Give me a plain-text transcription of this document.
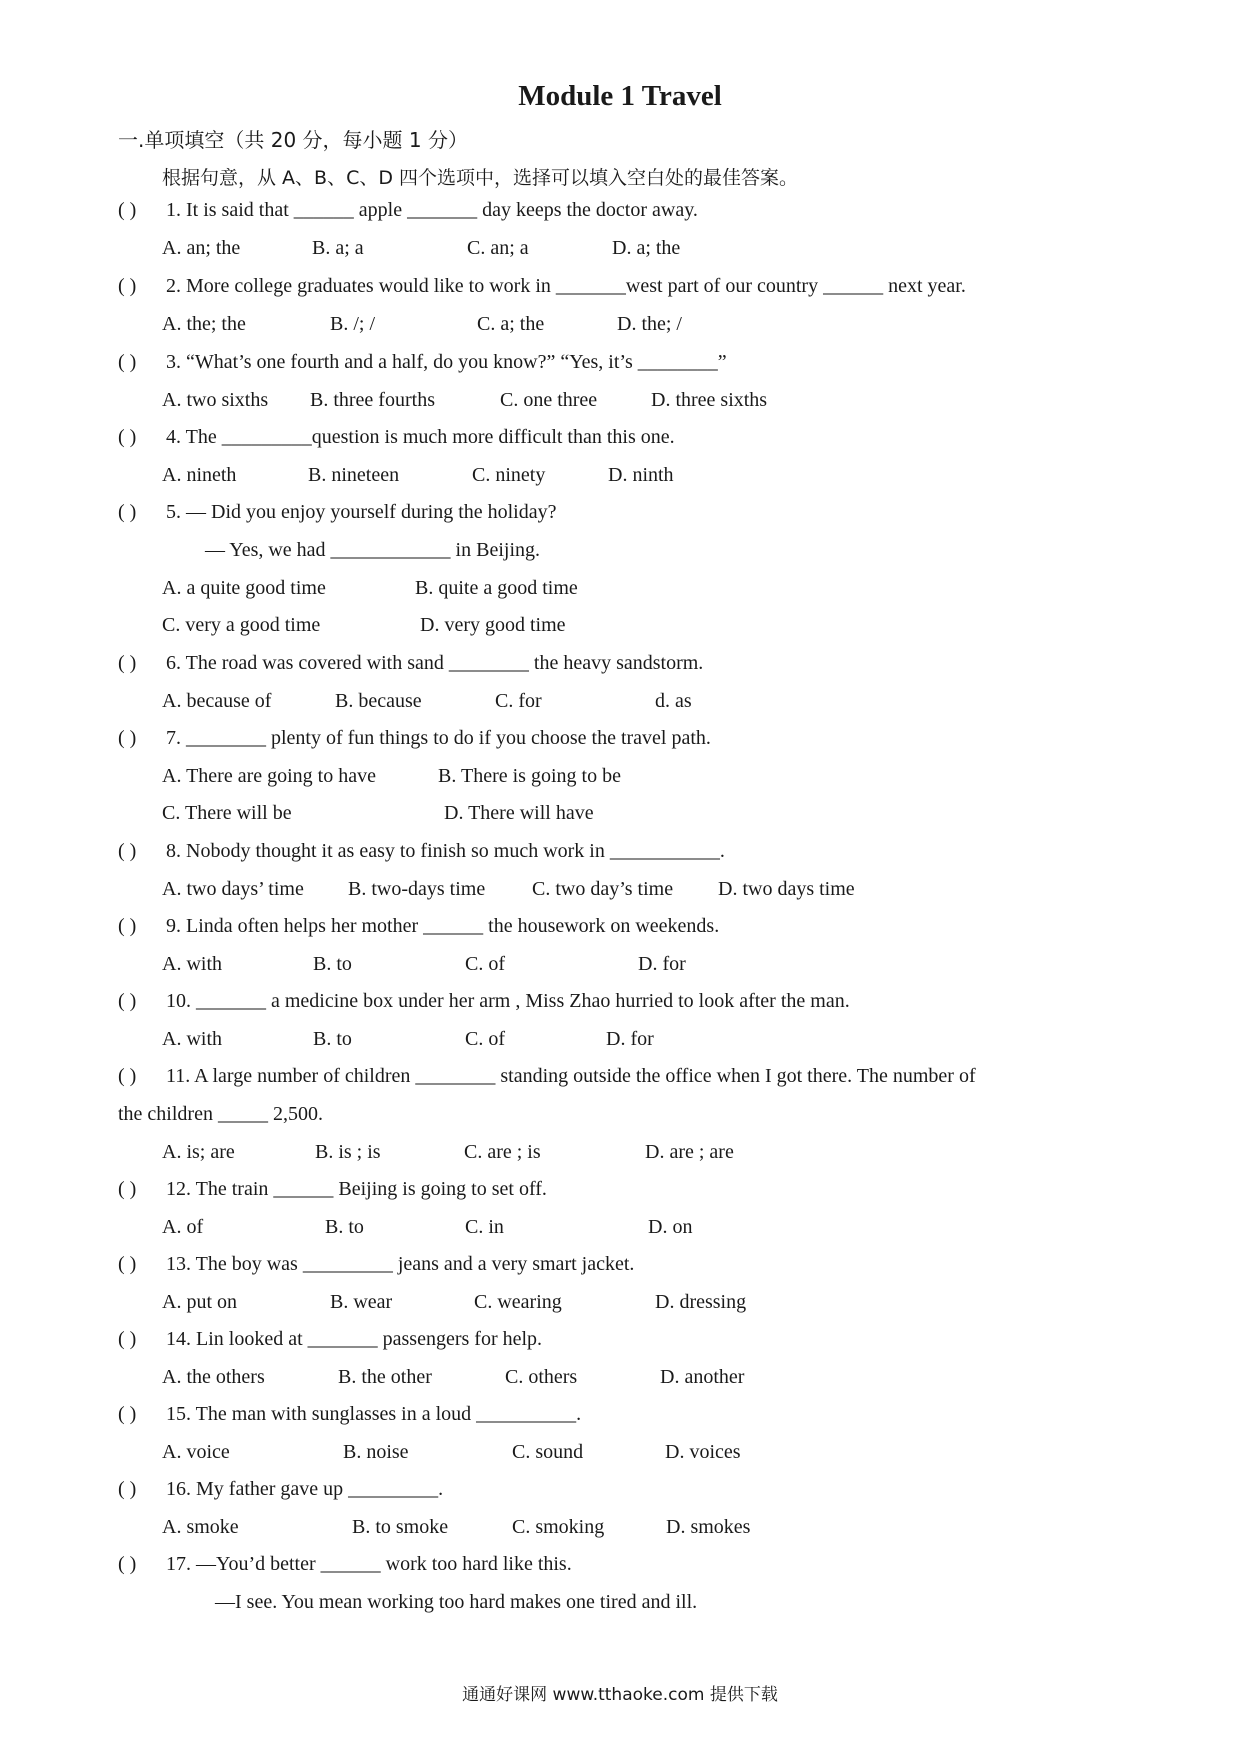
Module 1 Travel
一.单项填空（共 20 分，每小题 1 分）
根据句意，从 A、B、C、D 四个选项中，选择可以填入空白处的最佳答案。
( ) 1. It is said that ______ apple _______ day keeps the doctor away.
A. an; the	B. a; a	C. an; a	D. a; the
( ) 2. More college graduates would like to work in _______west part of our country ______ next year.
A. the; the	B. /; /	C. a; the	D. the; /
( ) 3. “What’s one fourth and a half, do you know?” “Yes, it’s ________”
A. two sixths B. three fourths	C. one three	D. three sixths
( ) 4. The _________question is much more difficult than this one.
A. nineth	B. nineteen	C. ninety	D. ninth
( ) 5. — Did you enjoy yourself during the holiday?
— Yes, we had ____________ in Beijing.
A. a quite good time	B. quite a good time
C. very a good time	D. very good time
( ) 6. The road was covered with sand ________ the heavy sandstorm.
A. because of	B. because	C. for	d. as
( ) 7. ________ plenty of fun things to do if you choose the travel path.
A. There are going to have	B. There is going to be
C. There will be	D. There will have
( ) 8. Nobody thought it as easy to finish so much work in ___________.
A. two days’ time B. two-days time C. two day’s time D. two days time
( ) 9. Linda often helps her mother ______ the housework on weekends.
A. with	B. to	C. of	D. for
( ) 10. _______ a medicine box under her arm , Miss Zhao hurried to look after the man.
A. with	B. to	C. of	D. for
( ) 11. A large number of children ________ standing outside the office when I got there. The number of
the children _____ 2,500.
A. is; are	B. is ; is	C. are ; is	D. are ; are
( ) 12. The train ______ Beijing is going to set off.
A. of	B. to	C. in	D. on
( ) 13. The boy was _________ jeans and a very smart jacket.
A. put on	B. wear	C. wearing	D. dressing
( ) 14. Lin looked at _______ passengers for help.
A. the others	B. the other	C. others	D. another
( ) 15. The man with sunglasses in a loud __________.
A. voice	B. noise	C. sound	D. voices
( ) 16. My father gave up _________.
A. smoke	B. to smoke	C. smoking	D. smokes
( ) 17. —You’d better ______ work too hard like this.
—I see. You mean working too hard makes one tired and ill.
通通好课网 www.tthaoke.com 提供下载
